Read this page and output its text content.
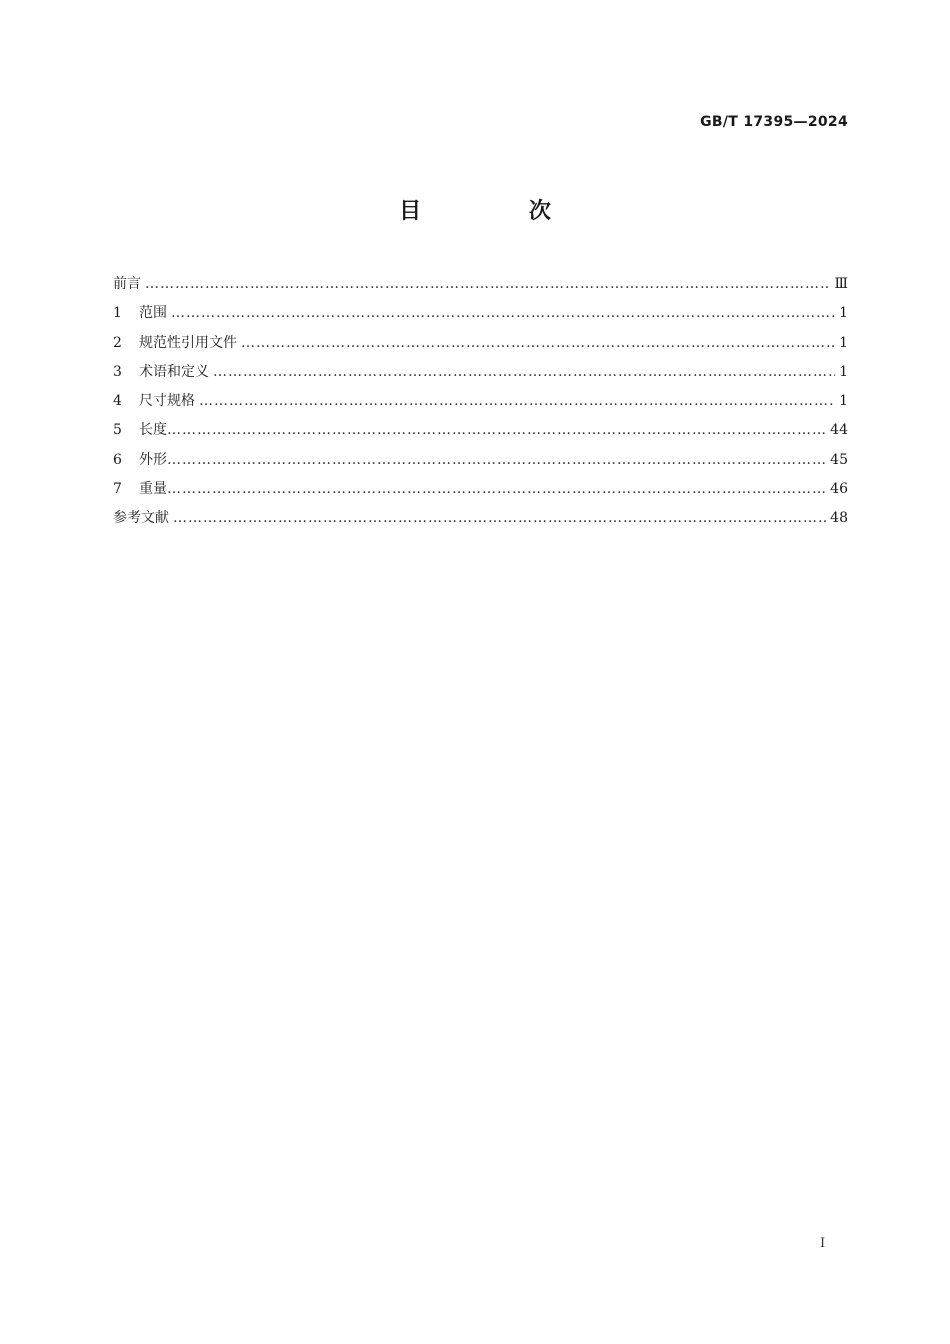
GB/T 17395—2024
目 次
前言 ……………………………………………………………………………………………………………………………………………………………………………………………………………………	Ⅲ
1	范围 ……………………………………………………………………………………………………………………………………………………………………………………………………………………	1
2	规范性引用文件 ……………………………………………………………………………………………………………………………………………………………………………………………………………………	1
3	术语和定义 ……………………………………………………………………………………………………………………………………………………………………………………………………………………	1
4	尺寸规格 ……………………………………………………………………………………………………………………………………………………………………………………………………………………	1
5	长度 ……………………………………………………………………………………………………………………………………………………………………………………………………………………	44
6	外形 ……………………………………………………………………………………………………………………………………………………………………………………………………………………	45
7	重量 ……………………………………………………………………………………………………………………………………………………………………………………………………………………	46
参考文献 ……………………………………………………………………………………………………………………………………………………………………………………………………………………	48
I
